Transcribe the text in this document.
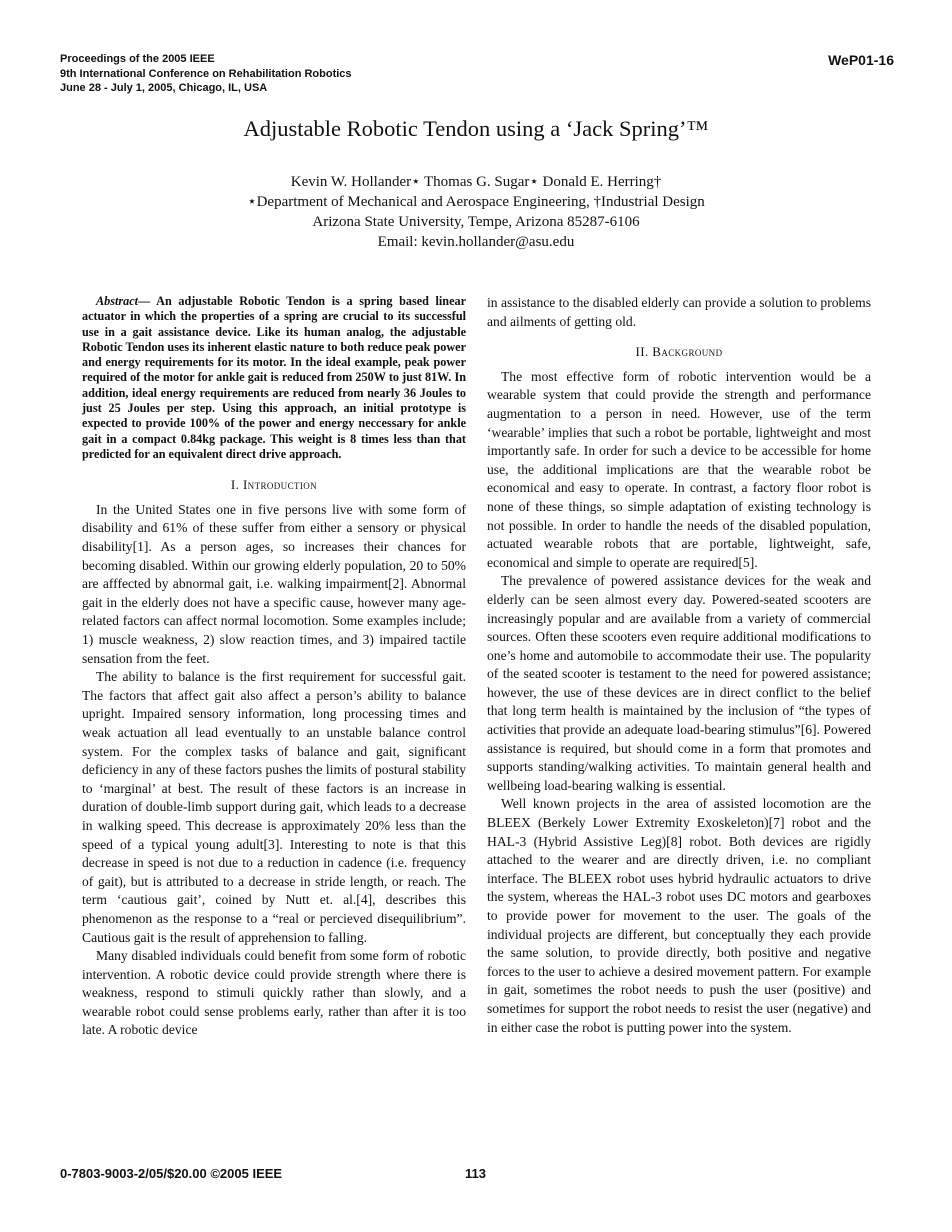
Proceedings of the 2005 IEEE
9th International Conference on Rehabilitation Robotics
June 28 - July 1, 2005, Chicago, IL, USA
WeP01-16
Adjustable Robotic Tendon using a ‘Jack Spring’™
Kevin W. Hollander⋆ Thomas G. Sugar⋆ Donald E. Herring†
⋆Department of Mechanical and Aerospace Engineering, †Industrial Design
Arizona State University, Tempe, Arizona 85287-6106
Email: kevin.hollander@asu.edu

Abstract— An adjustable Robotic Tendon is a spring based linear actuator in which the properties of a spring are crucial to its successful use in a gait assistance device. Like its human analog, the adjustable Robotic Tendon uses its inherent elastic nature to both reduce peak power and energy requirements for its motor. In the ideal example, peak power required of the motor for ankle gait is reduced from 250W to just 81W. In addition, ideal energy requirements are reduced from nearly 36 Joules to just 25 Joules per step. Using this approach, an initial prototype is expected to provide 100% of the power and energy neccessary for ankle gait in a compact 0.84kg package. This weight is 8 times less than that predicted for an equivalent direct drive approach.

I. Introduction

In the United States one in five persons live with some form of disability and 61% of these suffer from either a sensory or physical disability[1]. As a person ages, so increases their chances for becoming disabled. Within our growing elderly population, 20 to 50% are afffected by abnormal gait, i.e. walking impairment[2]. Abnormal gait in the elderly does not have a specific cause, however many age-related factors can affect normal locomotion. Some examples include; 1) muscle weakness, 2) slow reaction times, and 3) impaired tactile sensation from the feet.

The ability to balance is the first requirement for successful gait. The factors that affect gait also affect a person’s ability to balance upright. Impaired sensory information, long processing times and weak actuation all lead eventually to an unstable balance control system. For the complex tasks of balance and gait, significant deficiency in any of these factors pushes the limits of postural stability to ‘marginal’ at best. The result of these factors is an increase in duration of double-limb support during gait, which leads to a decrease in walking speed. This decrease is approximately 20% less than the speed of a typical young adult[3]. Interesting to note is that this decrease in speed is not due to a reduction in cadence (i.e. frequency of gait), but is attributed to a decrease in stride length, or reach. The term ‘cautious gait’, coined by Nutt et. al.[4], describes this phenomenon as the response to a “real or percieved disequilibrium”. Cautious gait is the result of apprehension to falling.

Many disabled individuals could benefit from some form of robotic intervention. A robotic device could provide strength where there is weakness, respond to stimuli quickly rather than slowly, and a wearable robot could sense problems early, rather than after it is too late. A robotic device

in assistance to the disabled elderly can provide a solution to problems and ailments of getting old.

II. Background

The most effective form of robotic intervention would be a wearable system that could provide the strength and performance augmentation to a person in need. However, use of the term ‘wearable’ implies that such a robot be portable, lightweight and most importantly safe. In order for such a device to be accessible for home use, the additional implications are that the wearable robot be economical and easy to operate. In contrast, a factory floor robot is none of these things, so simple adaptation of existing technology is not possible. In order to handle the needs of the disabled population, actuated wearable robots that are portable, lightweight, safe, economical and simple to operate are required[5].

The prevalence of powered assistance devices for the weak and elderly can be seen almost every day. Powered-seated scooters are increasingly popular and are available from a variety of commercial sources. Often these scooters even require additional modifications to one’s home and automobile to accommodate their use. The popularity of the seated scooter is testament to the need for powered assistance; however, the use of these devices are in direct conflict to the belief that long term health is maintained by the inclusion of “the types of activities that provide an adequate load-bearing stimulus”[6]. Powered assistance is required, but should come in a form that promotes and supports standing/walking activities. To maintain general health and wellbeing load-bearing walking is essential.

Well known projects in the area of assisted locomotion are the BLEEX (Berkely Lower Extremity Exoskeleton)[7] robot and the HAL-3 (Hybrid Assistive Leg)[8] robot. Both devices are rigidly attached to the wearer and are directly driven, i.e. no compliant interface. The BLEEX robot uses hybrid hydraulic actuators to drive the system, whereas the HAL-3 robot uses DC motors and gearboxes to provide power for movement to the user. The goals of the individual projects are different, but conceptually they each provide the same solution, to provide directly, both positive and negative forces to the user to achieve a desired movement pattern. For example in gait, sometimes the robot needs to push the user (positive) and sometimes for support the robot needs to resist the user (negative) and in either case the robot is putting power into the system.

0-7803-9003-2/05/$20.00 ©2005 IEEE	113
